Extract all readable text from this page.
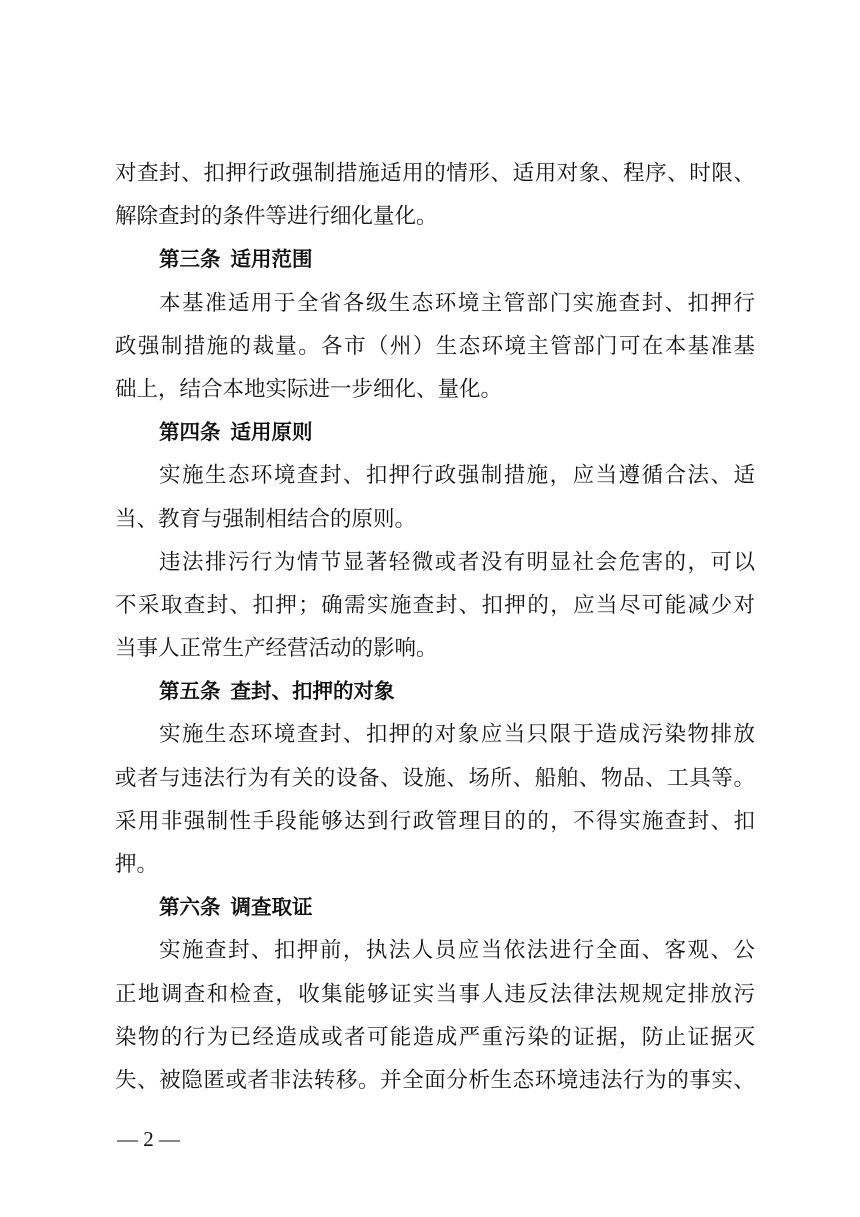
对查封、扣押行政强制措施适用的情形、适用对象、程序、时限、
解除查封的条件等进行细化量化。
第三条 适用范围
本基准适用于全省各级生态环境主管部门实施查封、扣押行
政强制措施的裁量。各市（州）生态环境主管部门可在本基准基
础上，结合本地实际进一步细化、量化。
第四条 适用原则
实施生态环境查封、扣押行政强制措施，应当遵循合法、适
当、教育与强制相结合的原则。
违法排污行为情节显著轻微或者没有明显社会危害的，可以
不采取查封、扣押；确需实施查封、扣押的，应当尽可能减少对
当事人正常生产经营活动的影响。
第五条 查封、扣押的对象
实施生态环境查封、扣押的对象应当只限于造成污染物排放
或者与违法行为有关的设备、设施、场所、船舶、物品、工具等。
采用非强制性手段能够达到行政管理目的的，不得实施查封、扣
押。
第六条 调查取证
实施查封、扣押前，执法人员应当依法进行全面、客观、公
正地调查和检查，收集能够证实当事人违反法律法规规定排放污
染物的行为已经造成或者可能造成严重污染的证据，防止证据灭
失、被隐匿或者非法转移。并全面分析生态环境违法行为的事实、
— 2 —
